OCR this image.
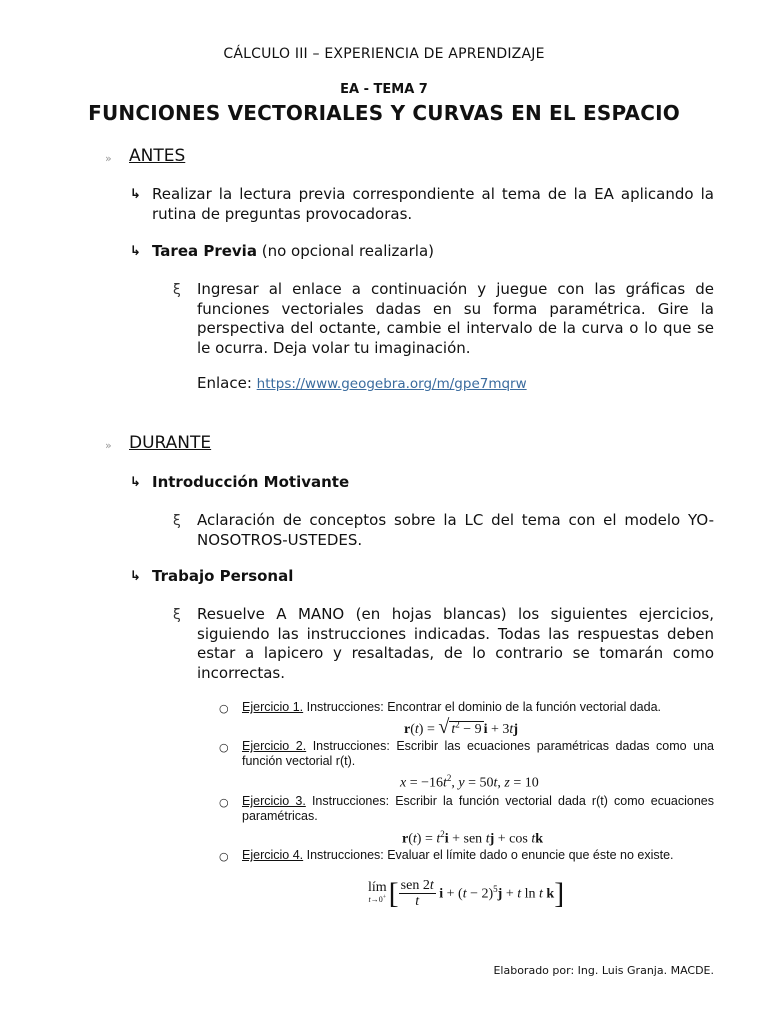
CÁLCULO III – EXPERIENCIA DE APRENDIZAJE
EA - TEMA 7
FUNCIONES VECTORIALES Y CURVAS EN EL ESPACIO
» ANTES
↳ Realizar la lectura previa correspondiente al tema de la EA aplicando la rutina de preguntas provocadoras.
↳ Tarea Previa (no opcional realizarla)
ξ Ingresar al enlace a continuación y juegue con las gráficas de funciones vectoriales dadas en su forma paramétrica. Gire la perspectiva del octante, cambie el intervalo de la curva o lo que se le ocurra. Deja volar tu imaginación.
Enlace: https://www.geogebra.org/m/gpe7mqrw
» DURANTE
↳ Introducción Motivante
ξ Aclaración de conceptos sobre la LC del tema con el modelo YO-NOSOTROS-USTEDES.
↳ Trabajo Personal
ξ Resuelve A MANO (en hojas blancas) los siguientes ejercicios, siguiendo las instrucciones indicadas. Todas las respuestas deben estar a lapicero y resaltadas, de lo contrario se tomarán como incorrectas.
○ Ejercicio 1. Instrucciones: Encontrar el dominio de la función vectorial dada.
r(t) = √ $t^2 - 9$ i + 3tj
○ Ejercicio 2. Instrucciones: Escribir las ecuaciones paramétricas dadas como una función vectorial r(t).
$x = -16t^2$, y = 50t, z = 10
○ Ejercicio 3. Instrucciones: Escribir la función vectorial dada r(t) como ecuaciones paramétricas.
$r(t) = t^2i$ + sen tj + cos tk
○ Ejercicio 4. Instrucciones: Evaluar el límite dado o enuncie que éste no existe.
lím
t→0+ [ sen 2t
t	$i + (t - 2)^5j + t$ ln t k ]
Elaborado por: Ing. Luis Granja. MACDE.
